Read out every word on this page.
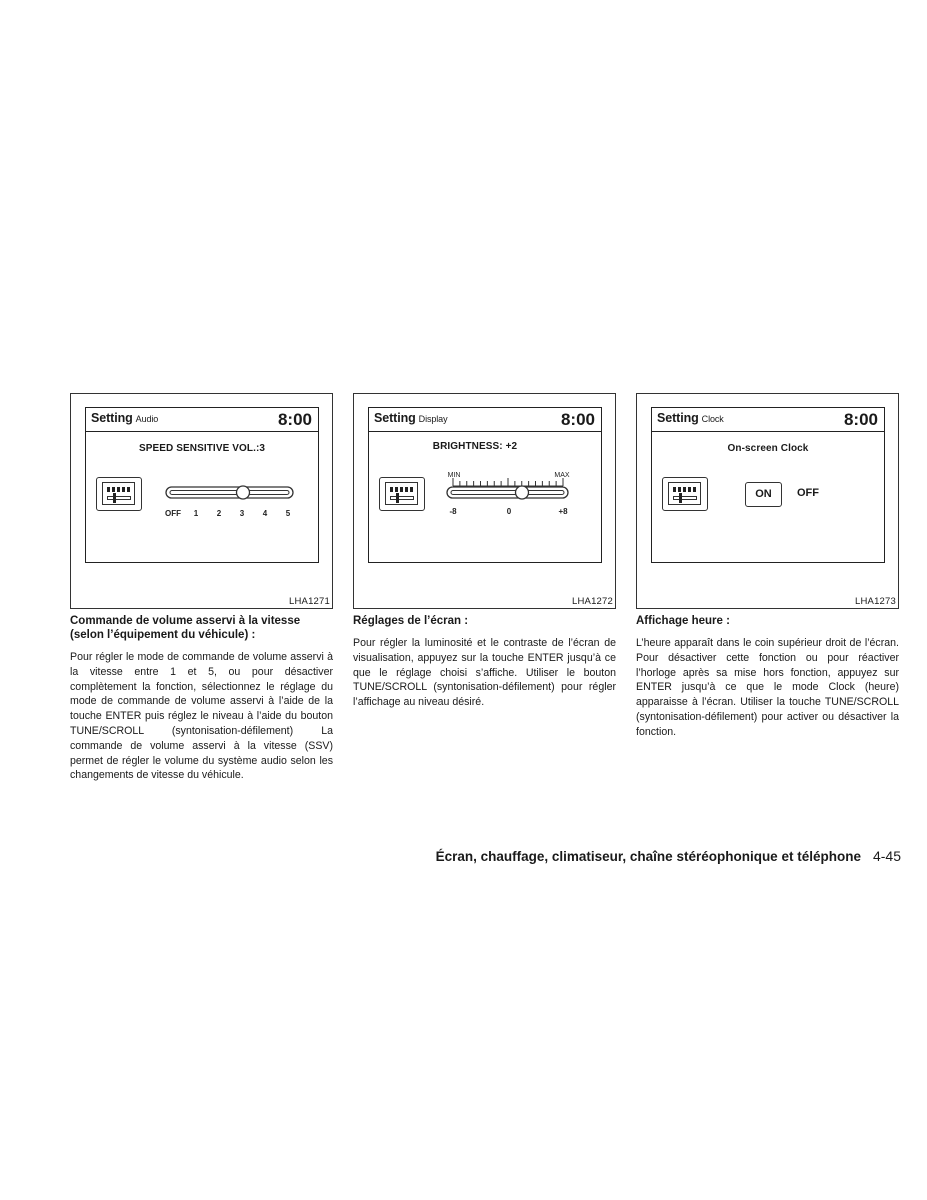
Setting Audio	8:00
SPEED SENSITIVE VOL.:3
OFF 1 2 3 4 5
LHA1271
Commande de volume asservi à la vitesse (selon l’équipement du véhicule) :
Pour régler le mode de commande de volume asservi à la vitesse entre 1 et 5, ou pour désactiver complètement la fonction, sélectionnez le réglage du mode de commande de volume asservi à l’aide de la touche ENTER puis réglez le niveau à l’aide du bouton TUNE/SCROLL (syntonisation-défilement) La commande de volume asservi à la vitesse (SSV) permet de régler le volume du système audio selon les changements de vitesse du véhicule.
Setting Display	8:00
BRIGHTNESS: +2
MIN	MAX
-8	0	+8
LHA1272
Réglages de l’écran :
Pour régler la luminosité et le contraste de l’écran de visualisation, appuyez sur la touche ENTER jusqu’à ce que le réglage choisi s’affiche. Utiliser le bouton TUNE/SCROLL (syntonisation-défilement) pour régler l’affichage au niveau désiré.
Setting Clock	8:00
On-screen Clock
ON	OFF
LHA1273
Affichage heure :
L’heure apparaît dans le coin supérieur droit de l’écran. Pour désactiver cette fonction ou pour réactiver l’horloge après sa mise hors fonction, appuyez sur ENTER jusqu’à ce que le mode Clock (heure) apparaisse à l’écran. Utiliser la touche TUNE/SCROLL (syntonisation-défilement) pour activer ou désactiver la fonction.
Écran, chauffage, climatiseur, chaîne stéréophonique et téléphone 4-45
